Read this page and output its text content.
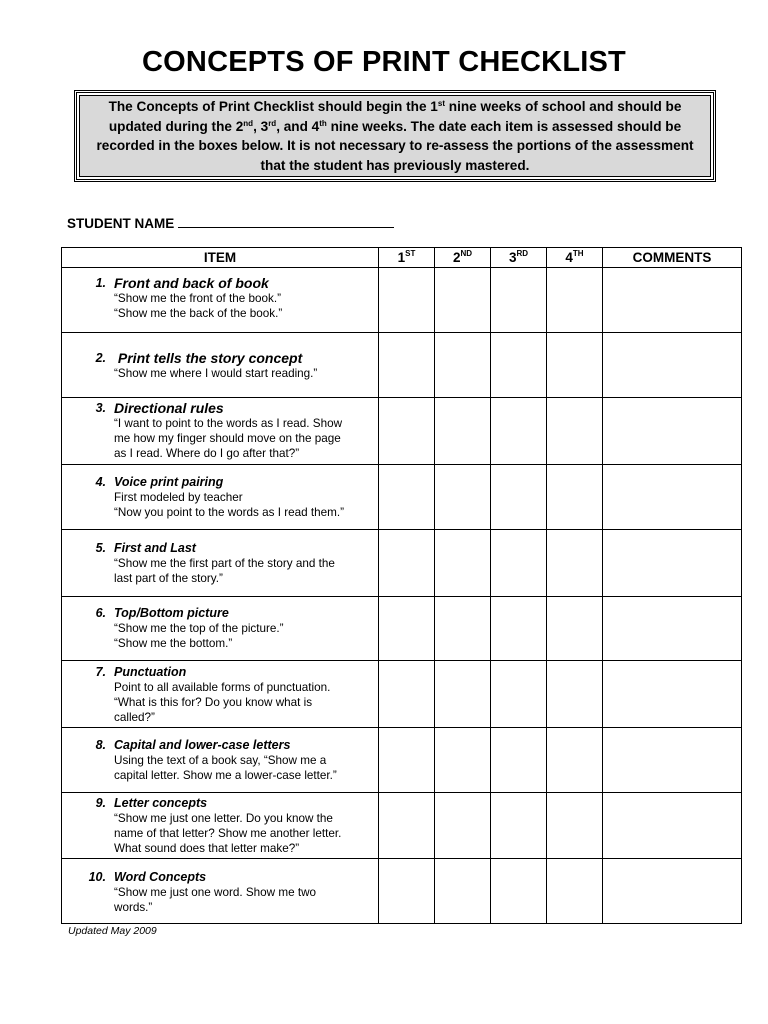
CONCEPTS OF PRINT CHECKLIST
The Concepts of Print Checklist should begin the 1st nine weeks of school and should be updated during the 2nd, 3rd, and 4th nine weeks. The date each item is assessed should be recorded in the boxes below. It is not necessary to re-assess the portions of the assessment that the student has previously mastered.
STUDENT NAME
ITEM	1ST	2ND	3RD	4TH	COMMENTS

1. Front and back of book
“Show me the front of the book.”
“Show me the back of the book.”					

2. Print tells the story concept
“Show me where I would start reading.”					

3. Directional rules
“I want to point to the words as I read. Show
me how my finger should move on the page
as I read. Where do I go after that?”					

4. Voice print pairing
First modeled by teacher
“Now you point to the words as I read them.”					

5. First and Last
“Show me the first part of the story and the
last part of the story.”					

6. Top/Bottom picture
“Show me the top of the picture.”
“Show me the bottom.”					

7. Punctuation
Point to all available forms of punctuation.
“What is this for? Do you know what is
called?”					

8. Capital and lower-case letters
Using the text of a book say, “Show me a
capital letter. Show me a lower-case letter.”					

9. Letter concepts
“Show me just one letter. Do you know the
name of that letter? Show me another letter.
What sound does that letter make?”					

10. Word Concepts
“Show me just one word. Show me two
words.”					

Updated May 2009
